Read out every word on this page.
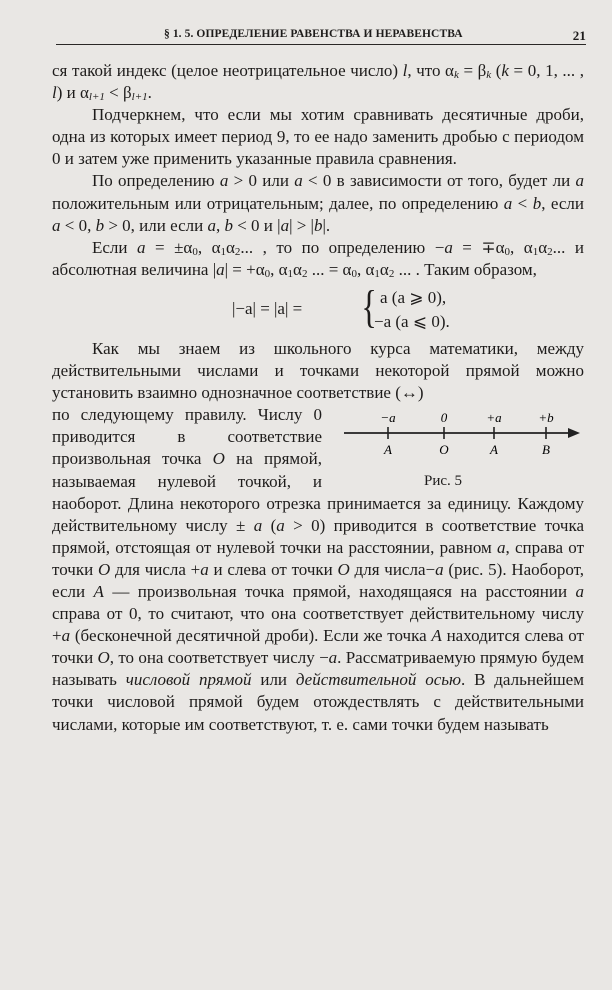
§ 1. 5. ОПРЕДЕЛЕНИЕ РАВЕНСТВА И НЕРАВЕНСТВА	21

ся такой индекс (целое неотрицательное число) l, что $\alpha_k = \beta_k$ (k = 0, 1, ... , l) и $\alpha_{l+1} < \beta_{l+1}$.

Подчеркнем, что если мы хотим сравнивать десятичные дроби, одна из которых имеет период 9, то ее надо заменить дробью с периодом 0 и затем уже применить указанные правила сравнения.

По определению a > 0 или a < 0 в зависимости от того, будет ли a положительным или отрицательным; далее, по определению a < b, если a < 0, b > 0, или если a, b < 0 и |a| > |b|.

Если $a = \pm\alpha_0$, $\alpha_1\alpha_2$... , то по определению $-a = \mp\alpha_0$, $\alpha_1\alpha_2$... и абсолютная величина $|a| = +\alpha_0$, $\alpha_1\alpha_2$ ... = $\alpha_0$, $\alpha_1\alpha_2$ ... . Таким образом,

|−a| = |a| = { a (a ⩾ 0),
−a (a ⩽ 0).

Как мы знаем из школьного курса математики, между действительными числами и точками некоторой прямой можно установить взаимно однозначное соответствие (↔)

−a	0	+a	+b
A	O	A	B
Рис. 5

по следующему правилу. Числу 0 приводится в соответствие произвольная точка O на прямой, называемая нулевой точкой, и наоборот. Длина некоторого отрезка принимается за единицу. Каждому действительному числу ± a (a > 0) приводится в соответствие точка прямой, отстоящая от нулевой точки на расстоянии, равном a, справа от точки O для числа +a и слева от точки O для числа−a (рис. 5). Наоборот, если A — произвольная точка прямой, находящаяся на расстоянии a справа от 0, то считают, что она соответствует действительному числу +a (бесконечной десятичной дроби). Если же точка A находится слева от точки O, то она соответствует числу −a. Рассматриваемую прямую будем называть числовой прямой или действительной осью. В дальнейшем точки числовой прямой будем отождествлять с действительными числами, которые им соответствуют, т. е. сами точки будем называть
